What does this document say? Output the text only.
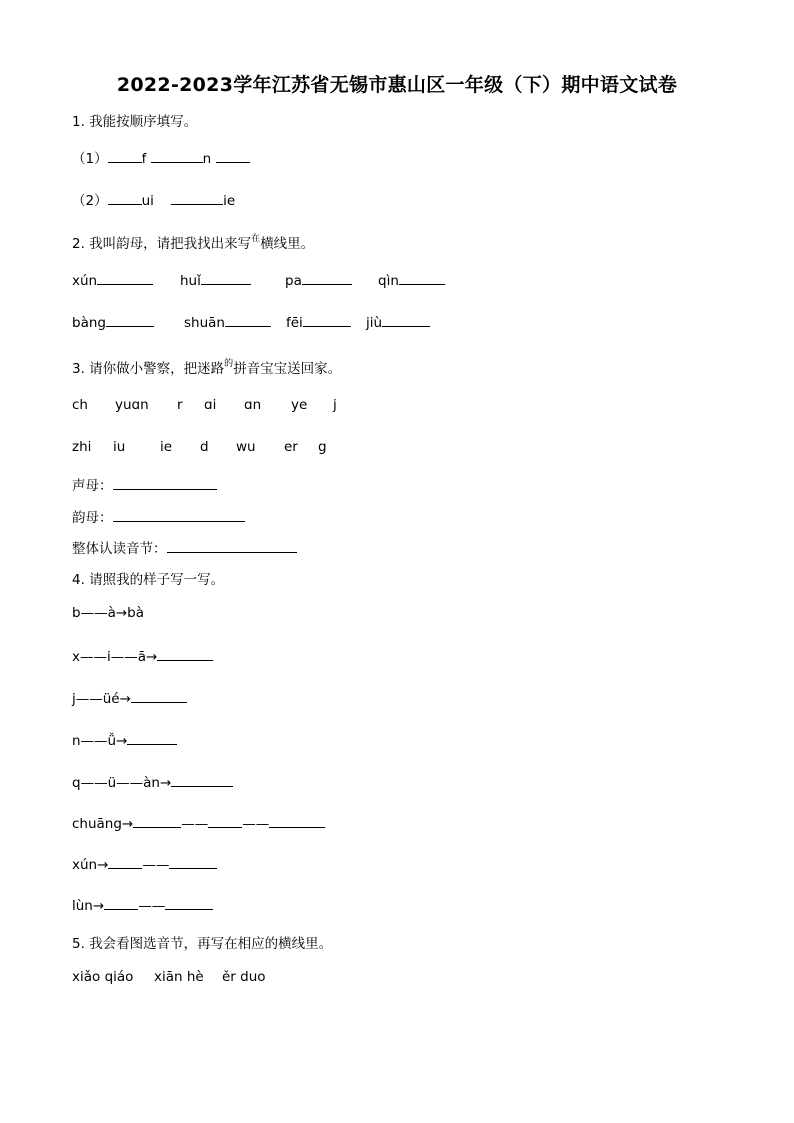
2022-2023学年江苏省无锡市惠山区一年级（下）期中语文试卷
1. 我能按顺序填写。
（1）	f	n
（2）	ui	ie
2. 我叫韵母，请把我找出来写$^在$横线里。
xún	huǐ	pa	qìn
bàng	shuān	fēi	jiù
3. 请你做小警察，把迷路$^的$拼音宝宝送回家。
ch yuɑn r ɑi ɑn ye j
zhi iu	ie d wu er g
声母：
韵母：
整体认读音节：
4. 请照我的样子写一写。
b——à→bà
x——i——ā→
j——üé→
n——ǚ→
q——ü——àn→
chuāng→	——	——
xún→	——
lùn→	——
5. 我会看图选音节，再写在相应的横线里。
xiǎo qiáo xiān hè ěr duo
